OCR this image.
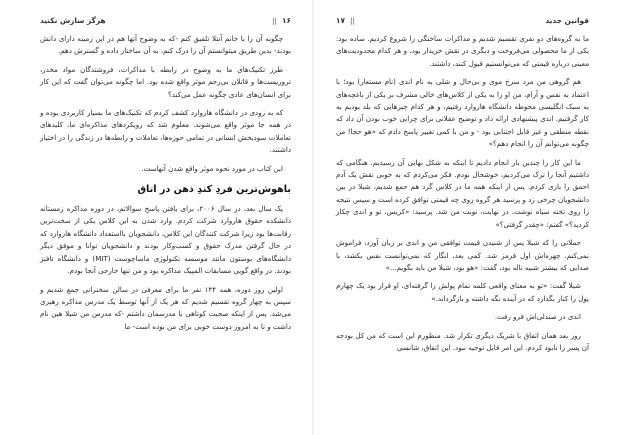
۱۶
||
هرگز سازش نکنید

چگونه آن را با خانم آنتلا تلفیق کنم -که به وضوح آنها هم در این زمینه دارای دانش بودند- بدین طریق میتوانستم آن را درک کنم، به آن ساختار داده و گسترش دهم.

طرز تکنیک‌های ما به وضوح در رابطه با مذاکرات، فروشندگان مواد مخدر، تروریست‌ها و قاتلان بی‌رحم موثر واقع شده بود. اما چگونه می‌توان گفت که این کار برای انسان‌های عادی چگونه عمل می‌کند؟

که به زودی در دانشگاه هاروارد کشف کردم که تکنیک‌های ما بسیار کاربردی بوده و در همه جا موثر واقع می‌شوند. معلوم شد که رویکردهای مذاکره‌ای ما، کلیدهای تعاملات سودبخش انسانی در تمامی حوزه‌ها، تعاملات و رابطه‌ها در زندگی را در اختیار داشتند.

این کتاب در مورد نحوه موثر واقع شدن آنهاست.

باهوش‌ترین فردِ کندِ ذهن در اتاق

یک سال بعد، در سال ۲۰۰۶، برای یافتن پاسخ سوالاتم، در دوره مذاکره زمستانه دانشکده حقوق هاروارد شرکت کردم. وارد شدن به این کلاس یکی از سخت‌ترین رقابت‌ها بود زیرا شرکت کنندگان این کلاس، دانشجویان بااستعداد دانشگاه هاروارد که در حال گرفتن مدرک حقوق و کسب‌وکار بودند و دانشجویان توانا و موفق دیگر دانشگاه‌های بوستون مانند موسسه تکنولوژی ماساچوست (MIT) و دانشگاه تافتز بودند. در واقع گویی مسابقات المپیک مذاکره بود و من تنها خارجی آنجا بودم.

اولین روز دوره، همه ۱۴۴ نفر ما برای معرفی در سالن سخنرانی جمع شدیم و سپس به چهار گروه تقسیم شدیم که هر یک از آنها توسط یک مدرس مذاکره رهبری می‌شد. پس از اینکه صحبت کوتاهی با مدرسمان داشتم -که مدرس من شیلا هین نام داشت و تا به امروز دوست خوبی برای من بوده است- ما

قوانین جدید
||
۱۷

ما به گروه‌های دو نفری تقسیم شدیم و مذاکرات ساختگی را شروع کردیم. ساده بود: یکی از ما محصولی می‌فروخت و دیگری در نقش خریدار بود، و هر کدام محدودیت‌های معینی درباره قیمتی که می‌توانستیم قبول کنند، داشتند.

هم گروهی من مرد سرخ موی و بی‌حال و شلی به نام اندی (نام مستعار) بود؛ با اعتماد به نفس و آرام، من او را به یکی از کلاس‌های خالی مشرف بر یکی از باغچه‌های به سبک انگلیسی محوطه دانشگاه هاروارد رفتیم، و هر کدام چیزهایی که بلد بودیم به کار گرفتیم. اندی پیشنهادی ارائه داد و توضیح عقلانی برای چرایی خوب بودن آن داد که نقطه منطقی و غیر قابل اجتنابی بود - و من با کمی تغییر پاسخ دادم که «هو حجا! من چگونه می‌توانم آن را انجام دهم؟»

ما این کار را چندین بار انجام دادیم تا اینکه به شکل نهایی آن رسیدیم. هنگامی که داشتیم آنجا را ترک می‌کردیم، خوشحال بودم. فکر می‌کردم که به خوبی نقش یک آدم احمق را بازی کردم. پس از اینکه همه ما در کلاس گرد هم جمع شدیم، شیلا در بین دانشجویان چرخی زد و پرسید هر گروه روی چه قیمتی توافق کرده است و سپس نتیجه را روی تخته سیاه نوشت. در نهایت، نوبت من شد. پرسید: «کریس، تو و اندی چکار کردید؟» گفتم: «چقدر گرفتی؟»

جملاتی را که شیلا پس از شنیدن قیمت توافقی من و اندی بر زبان آورد، فراموش نمی‌کنم. چهره‌اش اول قرمز شد. کمی بعد، انگار که نمی‌توانست نفس بکشد، با صدایی که بیشتر شبیه ناله بود، گفت: «هو بود، شیلا من باید بگویم...»

شیلا گفت: «تو به معنای واقعی کلمه تمام پولش را گرفته‌ای، او قرار بود یک چهارم پول را کنار بگذارد که در آینده نگه داشته و بازگرداند.»

اندی در صندلی‌اش فرو رفت.

روز بعد همان اتفاق با شریک دیگری تکرار شد. منظورم این است که من کل بودجه آن پسر را نابود کردم. این امر قابل توجیه نبود. این اتفاق، شانسی
